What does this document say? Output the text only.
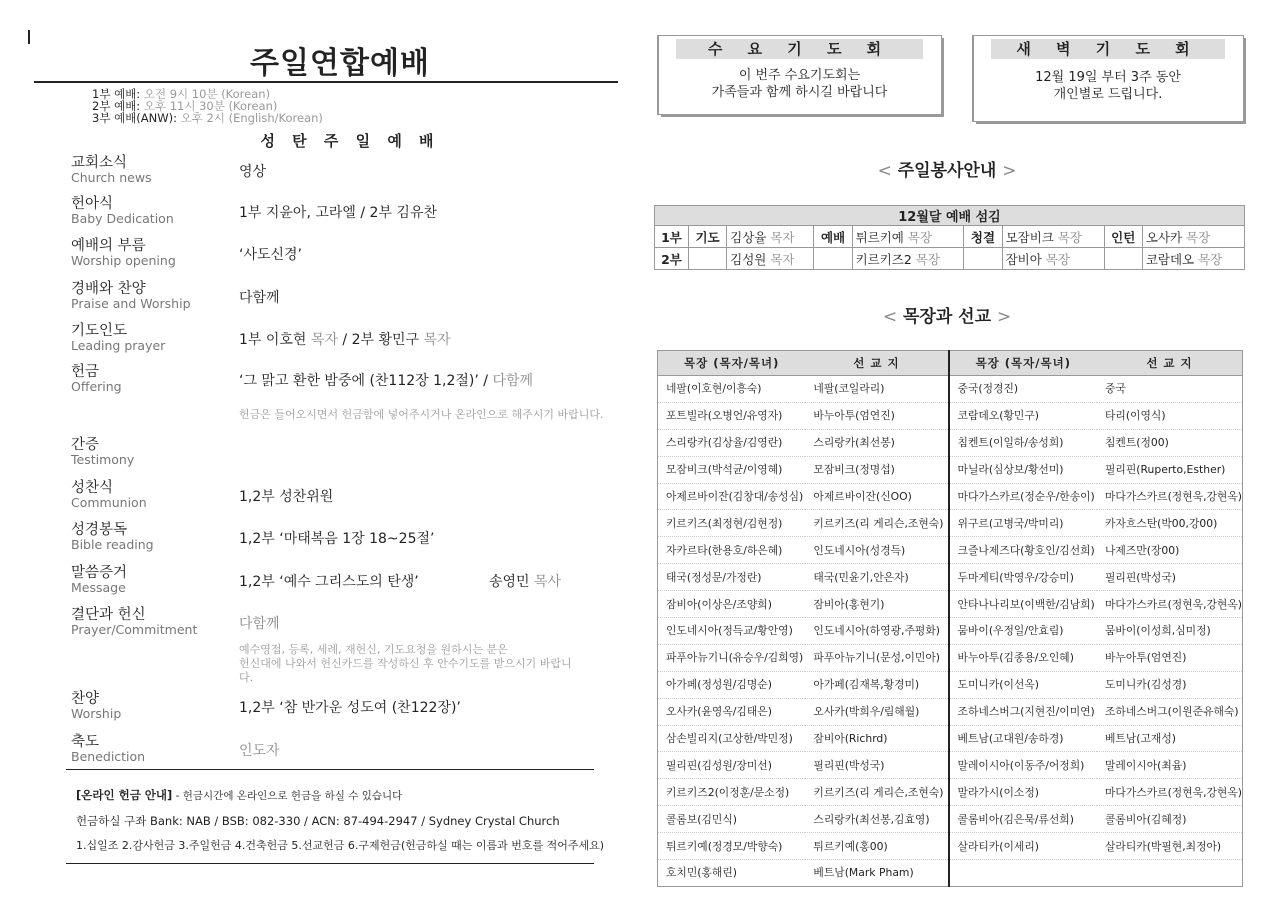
주일연합예배
1부 예배: 오전 9시 10분 (Korean)
2부 예배: 오후 11시 30분 (Korean)
3부 예배(ANW): 오후 2시 (English/Korean)
성 탄 주 일 예 배
교회소식
Church news	영상
헌아식
Baby Dedication	1부 지윤아, 고라엘 / 2부 김유찬
예배의 부름
Worship opening	‘사도신경’
경배와 찬양
Praise and Worship	다함께
기도인도
Leading prayer	1부 이호현 목자 / 2부 황민구 목자
헌금
Offering	‘그 맑고 환한 밤중에 (찬112장 1,2절)’ / 다함께
헌금은 들어오시면서 헌금함에 넣어주시거나 온라인으로 해주시기 바랍니다.
간증
Testimony
성찬식
Communion	1,2부 성찬위원
성경봉독
Bible reading	1,2부 ‘마태복음 1장 18~25절’
말씀증거
Message	1,2부 ‘예수 그리스도의 탄생’	송영민 목사
결단과 헌신
Prayer/Commitment	다함께
예수영접, 등록, 세례, 재헌신, 기도요청을 원하시는 분은
헌신대에 나와서 헌신카드를 작성하신 후 안수기도를 받으시기 바랍니
다.
찬양
Worship	1,2부 ‘참 반가운 성도여 (찬122장)’
축도
Benediction	인도자
[온라인 헌금 안내] - 헌금시간에 온라인으로 헌금을 하실 수 있습니다
헌금하실 구좌 Bank: NAB / BSB: 082-330 / ACN: 87-494-2947 / Sydney Crystal Church
1.십일조 2.감사헌금 3.주일헌금 4.건축헌금 5.선교헌금 6.구제헌금(헌금하실 때는 이름과 번호를 적어주세요)
수 요 기 도 회
이 번주 수요기도회는
가족들과 함께 하시길 바랍니다
새 벽 기 도 회
12월 19일 부터 3주 동안
개인별로 드립니다.
< 주일봉사안내 >
12월달 예배 섬김								
1부	기도	김상율 목자	예배	튀르키예 목장	청결	모잠비크 목장	인턴	오사카 목장
2부		김성원 목자		키르키즈2 목장		잠비아 목장		코람데오 목장
< 목장과 선교 >
목장 (목자/목녀)	선 교 지	목장 (목자/목녀)	선 교 지
네팔(이호현/이흥숙)	네팔(코일라리)	중국(정경진)	중국
포트빌라(오병언/유영자)	바누아투(엄연진)	코람데오(황민구)	타리(이영식)
스리랑카(김상율/김영란)	스리랑카(최선봉)	침켄트(이일하/송성희)	침켄트(정00)
모잠비크(박석균/이영혜)	모잠비크(정명섭)	마닐라(심상보/황선미)	필리핀(Ruperto,Esther)
아제르바이잔(김창대/송성심)	아제르바이잔(신OO)	마다가스카르(정순우/한송이)	마다가스카르(정현욱,강현옥)
키르키즈(최정현/김현정)	키르키즈(리 게리슨,조현숙)	위구르(고병국/박미리)	카자흐스탄(박00,강00)
자카르타(한용호/하은혜)	인도네시아(성경득)	크즐나제즈다(황호인/김선희)	나제즈만(장00)
태국(정성문/가정란)	태국(민윤기,안은자)	두마게티(박영우/강승미)	필리핀(박성국)
잠비아(이상은/조양희)	잠비아(홍현기)	안타나나리보(이백한/김남희)	마다가스카르(정현욱,강현옥)
인도네시아(정득교/황안영)	인도네시아(하영광,주평화)	뭄바이(우정일/안효림)	뭄바이(이성희,심미정)
파푸아뉴기니(유승우/김희영)	파푸아뉴기니(문성,이민아)	바누아투(김종용/오인혜)	바누아투(엄연진)
아가페(정성원/김명순)	아가페(김재복,황경미)	도미니카(이선옥)	도미니카(김성경)
오사카(윤영옥/김태은)	오사카(박희우/림해월)	조하네스버그(지현진/이미연)	조하네스버그(이원준유해숙)
삼손빌리지(고상한/박민정)	잠비아(Richrd)	베트남(고대원/송하경)	베트남(고재성)
필리핀(김성원/장미선)	필리핀(박성국)	말레이시아(이동주/어정희)	말레이시아(최윰)
키르키즈2(이정훈/문소정)	키르키즈(리 게리슨,조현숙)	말라가시(이소정)	마다가스카르(정현욱,강현옥)
콜롬보(김민식)	스리랑카(최선봉,김효영)	콜롬비아(김은묵/류선희)	콜롬비아(김혜정)
튀르키예(정경모/박향숙)	튀르키예(홍00)	살라티카(이세리)	살라티카(박필현,최정아)
호치민(홍해린)	베트남(Mark Pham)		
